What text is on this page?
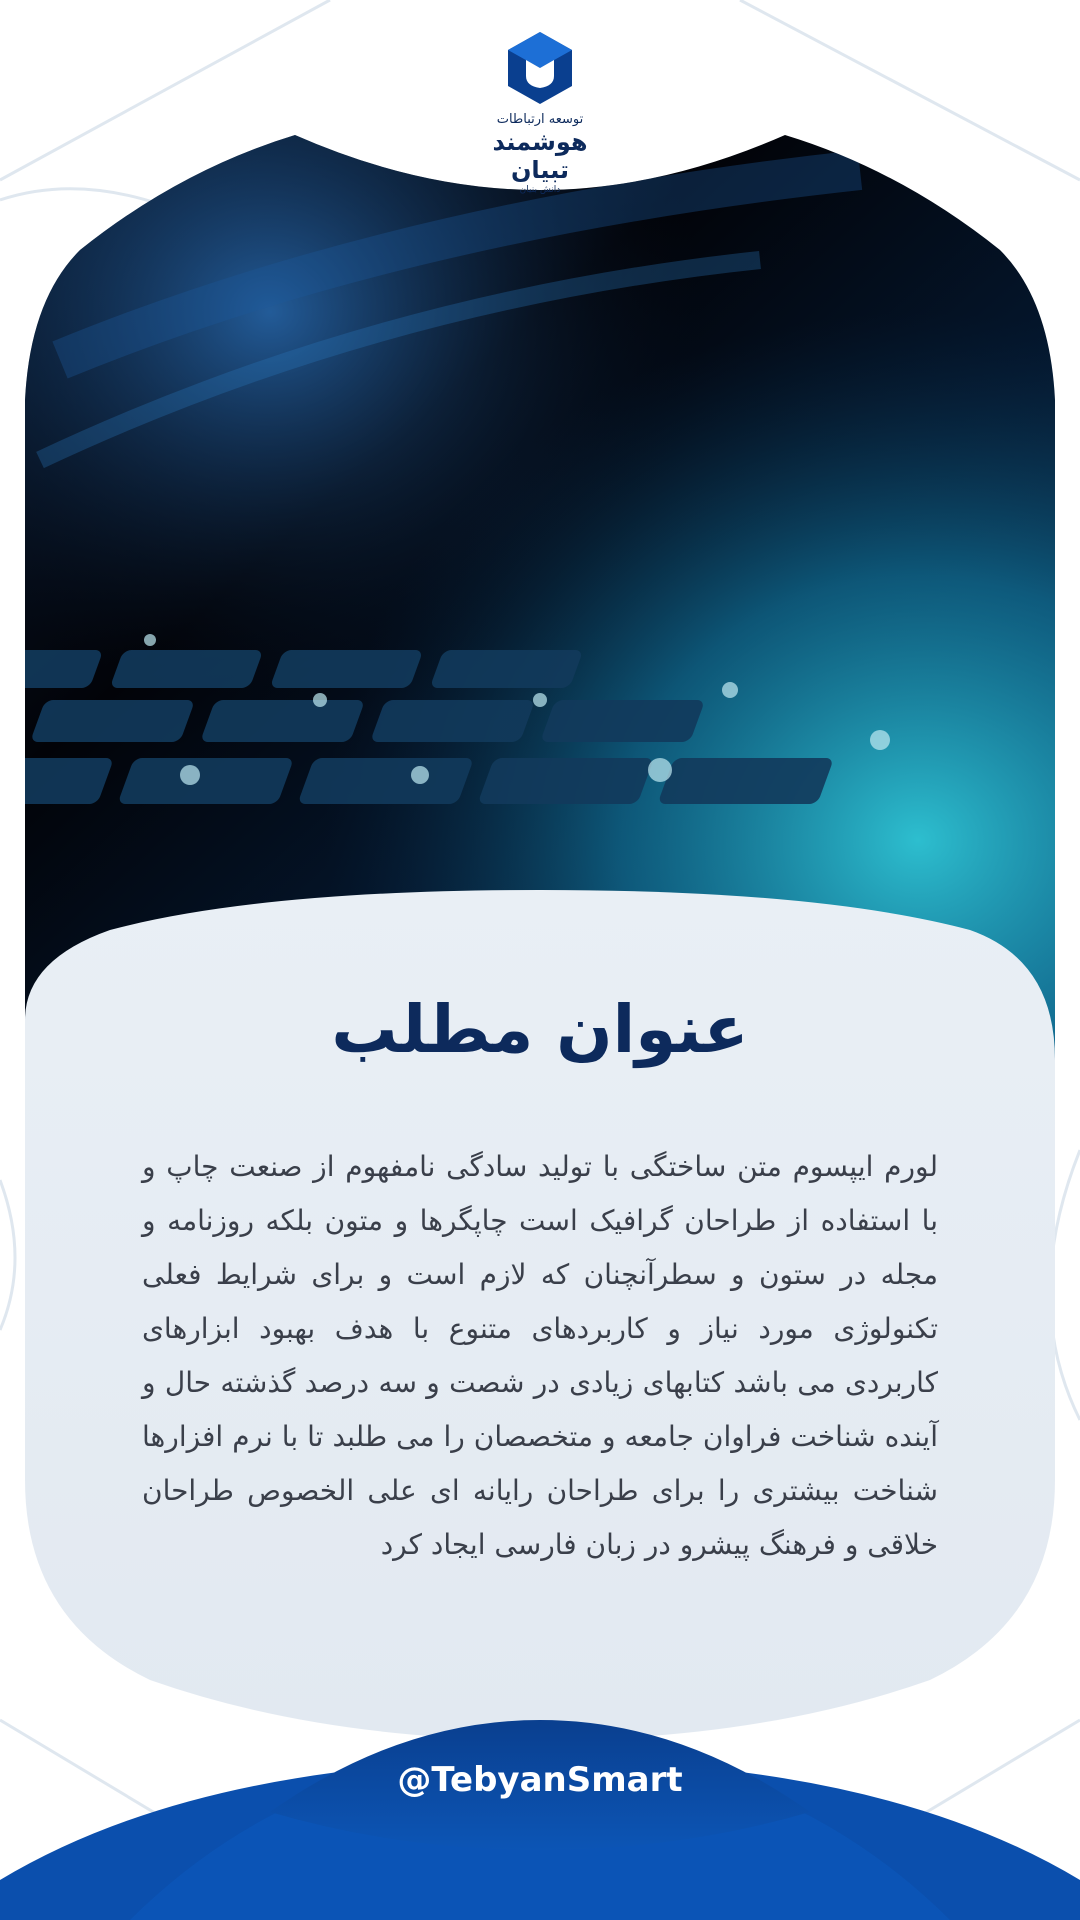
توسعه ارتباطات
هوشمند تبیان
دانش بنیان
عنوان مطلب
لورم ایپسوم متن ساختگی با تولید سادگی نامفهوم از صنعت چاپ و با استفاده از طراحان گرافیک است چاپگرها و متون بلکه روزنامه و مجله در ستون و سطرآنچنان که لازم است و برای شرایط فعلی تکنولوژی مورد نیاز و کاربردهای متنوع با هدف بهبود ابزارهای کاربردی می باشد کتابهای زیادی در شصت و سه درصد گذشته حال و آینده شناخت فراوان جامعه و متخصصان را می طلبد تا با نرم افزارها شناخت بیشتری را برای طراحان رایانه ای علی الخصوص طراحان خلاقی و فرهنگ پیشرو در زبان فارسی ایجاد کرد
@TebyanSmart
